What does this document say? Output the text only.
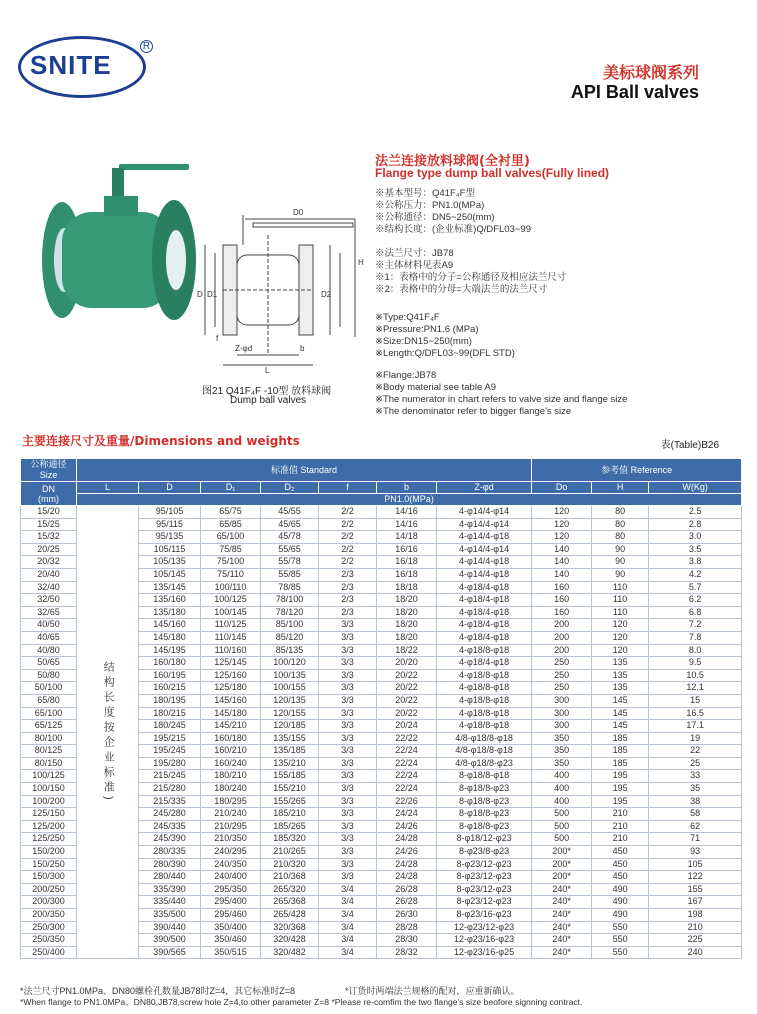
SNITE
R
美标球阀系列
API Ball valves
D0
H
D D1	D2
Z-φd	b
f
L
图21 Q41F₄F -10型 放料球阀
Dump ball valves
法兰连接放料球阀(全衬里)
Flange type dump ball valves(Fully lined)
※基本型号：Q41F₄F型
※公称压力：PN1.0(MPa)
※公称通径：DN5~250(mm)
※结构长度：(企业标准)Q/DFL03~99
※法兰尺寸：JB78
※主体材料见表A9
※1：表格中的分子=公称通径及相应法兰尺寸
※2：表格中的分母=大端法兰的法兰尺寸
※Type:Q41F₄F
※Pressure:PN1.6 (MPa)
※Size:DN15~250(mm)
※Length:Q/DFL03~99(DFL STD)
※Flange:JB78
※Body material see table A9
※The numerator in chart refers to valve size and flange size
※The denominator refer to bigger flange's size
主要连接尺寸及重量/Dimensions and weights	表(Table)B26
公称通径 Size	标准值 Standard							参考值 Reference		
DN
(mm)	L	D	D₁	D₂	f	b	Z-φd	Do	H	W(Kg)
	PN1.0(MPa)									
15/20	结构长度按企业标准)	95/105	65/75	45/55	2/2	14/16	4-φ14/4-φ14	120	80	2.5
15/25		95/115	65/85	45/65	2/2	14/16	4-φ14/4-φ14	120	80	2.8
15/32		95/135	65/100	45/78	2/2	14/18	4-φ14/4-φ18	120	80	3.0
20/25		105/115	75/85	55/65	2/2	16/16	4-φ14/4-φ14	140	90	3.5
20/32		105/135	75/100	55/78	2/2	16/18	4-φ14/4-φ18	140	90	3.8
20/40		105/145	75/110	55/85	2/3	16/18	4-φ14/4-φ18	140	90	4.2
32/40		135/145	100/110	78/85	2/3	18/18	4-φ18/4-φ18	160	110	5.7
32/50		135/160	100/125	78/100	2/3	18/20	4-φ18/4-φ18	160	110	6.2
32/65		135/180	100/145	78/120	2/3	18/20	4-φ18/4-φ18	160	110	6.8
40/50		145/160	110/125	85/100	3/3	18/20	4-φ18/4-φ18	200	120	7.2
40/65		145/180	110/145	85/120	3/3	18/20	4-φ18/4-φ18	200	120	7.8
40/80		145/195	110/160	85/135	3/3	18/22	4-φ18/8-φ18	200	120	8.0
50/65		160/180	125/145	100/120	3/3	20/20	4-φ18/4-φ18	250	135	9.5
50/80		160/195	125/160	100/135	3/3	20/22	4-φ18/8-φ18	250	135	10.5
50/100		160/215	125/180	100/155	3/3	20/22	4-φ18/8-φ18	250	135	12.1
65/80		180/195	145/160	120/135	3/3	20/22	4-φ18/8-φ18	300	145	15
65/100		180/215	145/180	120/155	3/3	20/22	4-φ18/8-φ18	300	145	16.5
65/125		180/245	145/210	120/185	3/3	20/24	4-φ18/8-φ18	300	145	17.1
80/100		195/215	160/180	135/155	3/3	22/22	4/8-φ18/8-φ18	350	185	19
80/125		195/245	160/210	135/185	3/3	22/24	4/8-φ18/8-φ18	350	185	22
80/150		195/280	160/240	135/210	3/3	22/24	4/8-φ18/8-φ23	350	185	25
100/125		215/245	180/210	155/185	3/3	22/24	8-φ18/8-φ18	400	195	33
100/150		215/280	180/240	155/210	3/3	22/24	8-φ18/8-φ23	400	195	35
100/200		215/335	180/295	155/265	3/3	22/26	8-φ18/8-φ23	400	195	38
125/150		245/280	210/240	185/210	3/3	24/24	8-φ18/8-φ23	500	210	58
125/200		245/335	210/295	185/265	3/3	24/26	8-φ18/8-φ23	500	210	62
125/250		245/390	210/350	185/320	3/3	24/28	8-φ18/12-φ23	500	210	71
150/200		280/335	240/295	210/265	3/3	24/26	8-φ23/8-φ23	200*	450	93
150/250		280/390	240/350	210/320	3/3	24/28	8-φ23/12-φ23	200*	450	105
150/300		280/440	240/400	210/368	3/3	24/28	8-φ23/12-φ23	200*	450	122
200/250		335/390	295/350	265/320	3/4	26/28	8-φ23/12-φ23	240*	490	155
200/300		335/440	295/400	265/368	3/4	26/28	8-φ23/12-φ23	240*	490	167
200/350		335/500	295/460	265/428	3/4	26/30	8-φ23/16-φ23	240*	490	198
250/300		390/440	350/400	320/368	3/4	28/28	12-φ23/12-φ23	240*	550	210
250/350		390/500	350/460	320/428	3/4	28/30	12-φ23/16-φ23	240*	550	225
250/400		390/565	350/515	320/482	3/4	28/32	12-φ23/16-φ25	240*	550	240
*法兰尺寸PN1.0MPa、DN80螺栓孔数量JB78时Z=4，其它标准时Z=8	*订货时两端法兰规格的配对，应重新确认。
*When flange to PN1.0MPa、DN80,JB78,screw hole Z=4,to other parameter Z=8 *Please re-comfim the two flange's size beofore signning contract.
